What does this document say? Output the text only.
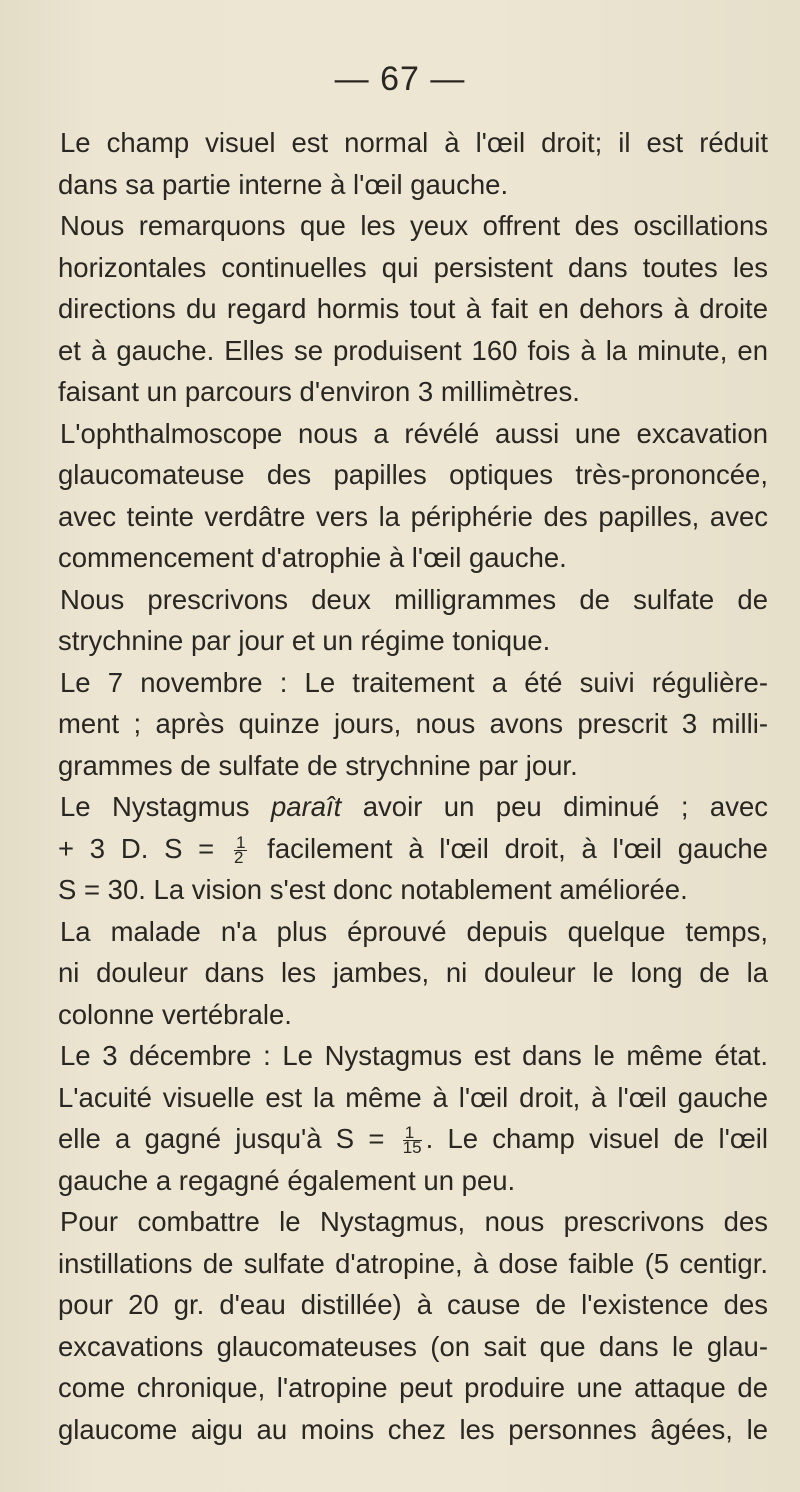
— 67 —
Le champ visuel est normal à l'œil droit; il est réduit
dans sa partie interne à l'œil gauche.
Nous remarquons que les yeux offrent des oscillations
horizontales continuelles qui persistent dans toutes les
directions du regard hormis tout à fait en dehors à droite
et à gauche. Elles se produisent 160 fois à la minute, en
faisant un parcours d'environ 3 millimètres.
L'ophthalmoscope nous a révélé aussi une excavation
glaucomateuse des papilles optiques très-prononcée,
avec teinte verdâtre vers la périphérie des papilles, avec
commencement d'atrophie à l'œil gauche.
Nous prescrivons deux milligrammes de sulfate de
strychnine par jour et un régime tonique.
Le 7 novembre : Le traitement a été suivi régulière-
ment ; après quinze jours, nous avons prescrit 3 milli-
grammes de sulfate de strychnine par jour.
Le Nystagmus paraît avoir un peu diminué ; avec
+ 3 D. $S = \frac{1}{2}$ facilement à l'œil droit, à l'œil gauche
S = 30. La vision s'est donc notablement améliorée.
La malade n'a plus éprouvé depuis quelque temps,
ni douleur dans les jambes, ni douleur le long de la
colonne vertébrale.
Le 3 décembre : Le Nystagmus est dans le même état.
L'acuité visuelle est la même à l'œil droit, à l'œil gauche
elle a gagné jusqu'à $S = \frac{1}{15}$ . Le champ visuel de l'œil
gauche a regagné également un peu.
Pour combattre le Nystagmus, nous prescrivons des
instillations de sulfate d'atropine, à dose faible (5 centigr.
pour 20 gr. d'eau distillée) à cause de l'existence des
excavations glaucomateuses (on sait que dans le glau-
come chronique, l'atropine peut produire une attaque de
glaucome aigu au moins chez les personnes âgées, le
